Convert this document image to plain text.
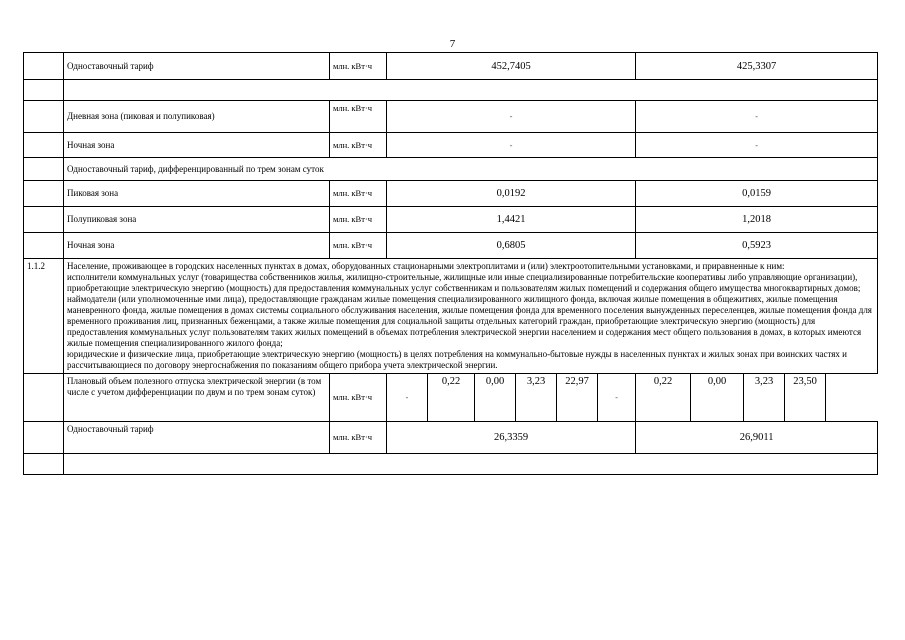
7
	Одноставочный тариф	млн. кВт·ч	452,7405						425,3307			

	Дневная зона (пиковая и полупиковая)	млн. кВт·ч	-						-			
	Ночная зона	млн. кВт·ч	-						-			
	Одноставочный тариф, дифференцированный по трем зонам суток											
	Пиковая зона	млн. кВт·ч	0,0192						0,0159			
	Полупиковая зона	млн. кВт·ч	1,4421						1,2018			
	Ночная зона	млн. кВт·ч	0,6805						0,5923			
1.1.2	Население, проживающее в городских населенных пунктах в домах, оборудованных стационарными электроплитами и (или) электроотопительными установками, и приравненные к ним:

исполнители коммунальных услуг (товарищества собственников жилья, жилищно-строительные, жилищные или иные специализированные потребительские кооперативы либо управляющие организации), приобретающие электрическую энергию (мощность) для предоставления коммунальных услуг собственникам и пользователям жилых помещений и содержания общего имущества многоквартирных домов; наймодатели (или уполномоченные ими лица), предоставляющие гражданам жилые помещения специализированного жилищного фонда, включая жилые помещения в общежитиях, жилые помещения маневренного фонда, жилые помещения в домах системы социального обслуживания населения, жилые помещения фонда для временного поселения вынужденных переселенцев, жилые помещения фонда для временного проживания лиц, признанных беженцами, а также жилые помещения для социальной защиты отдельных категорий граждан, приобретающие электрическую энергию (мощность) для предоставления коммунальных услуг пользователям таких жилых помещений в объемах потребления электрической энергии населением и содержания мест общего пользования в домах, в которых имеются жилые помещения специализированного жилого фонда;

юридические и физические лица, приобретающие электрическую энергию (мощность) в целях потребления на коммунально-бытовые нужды в населенных пунктах и жилых зонах при воинских частях и рассчитывающиеся по договору энергоснабжения по показаниям общего прибора учета электрической энергии.											

	Плановый объем полезного отпуска электрической энергии (в том числе с учетом дифференциации по двум и по трем зонам суток)	млн. кВт·ч	-	0,22	0,00	3,23	22,97	-	0,22	0,00	3,23	23,50
	Одноставочный тариф	млн. кВт·ч	26,3359						26,9011			
